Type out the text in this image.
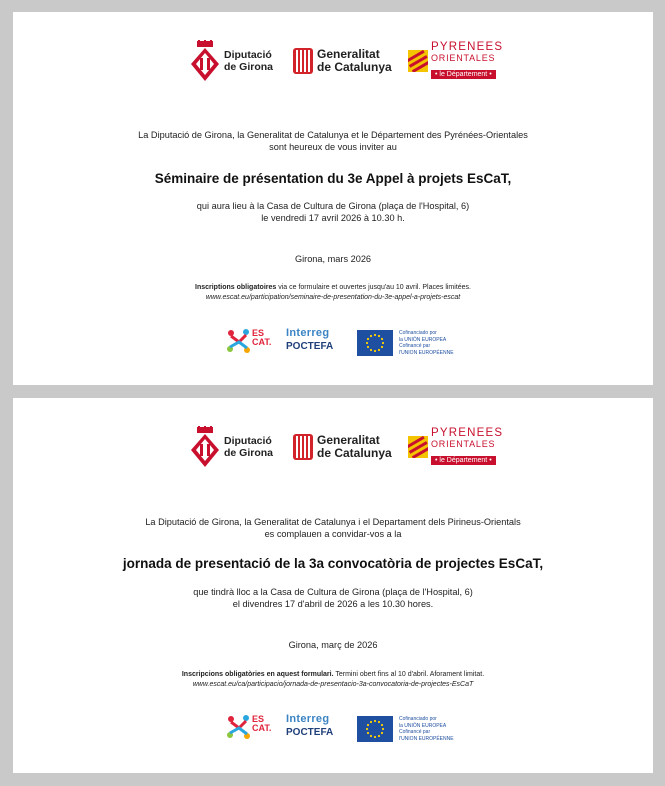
Diputació
de Girona
Generalitat
de Catalunya
PYRENEES
ORIENTALES
• le Département •
La Diputació de Girona, la Generalitat de Catalunya et le Département des Pyrénées-Orientales
sont heureux de vous inviter au
Séminaire de présentation du 3e Appel à projets EsCaT,
qui aura lieu à la Casa de Cultura de Girona (plaça de l'Hospital, 6)
le vendredi 17 avril 2026 à 10.30 h.
Girona, mars 2026
Inscriptions obligatoires via ce formulaire et ouvertes jusqu'au 10 avril. Places limitées.
www.escat.eu/participation/seminaire-de-presentation-du-3e-appel-a-projets-escat
ES
CAT.
Interreg
POCTEFA
Cofinanciado por
la UNIÓN EUROPEA
Cofinancé par
l'UNION EUROPÉENNE
Diputació
de Girona
Generalitat
de Catalunya
PYRENEES
ORIENTALES
• le Département •
La Diputació de Girona, la Generalitat de Catalunya i el Departament dels Pirineus-Orientals
es complauen a convidar-vos a la
jornada de presentació de la 3a convocatòria de projectes EsCaT,
que tindrà lloc a la Casa de Cultura de Girona (plaça de l'Hospital, 6)
el divendres 17 d'abril de 2026 a les 10.30 hores.
Girona, març de 2026
Inscripcions obligatòries en aquest formulari. Termini obert fins al 10 d'abril. Aforament limitat.
www.escat.eu/ca/participacio/jornada-de-presentacio-3a-convocatoria-de-projectes-EsCaT
ES
CAT.
Interreg
POCTEFA
Cofinanciado por
la UNIÓN EUROPEA
Cofinancé par
l'UNION EUROPÉENNE
